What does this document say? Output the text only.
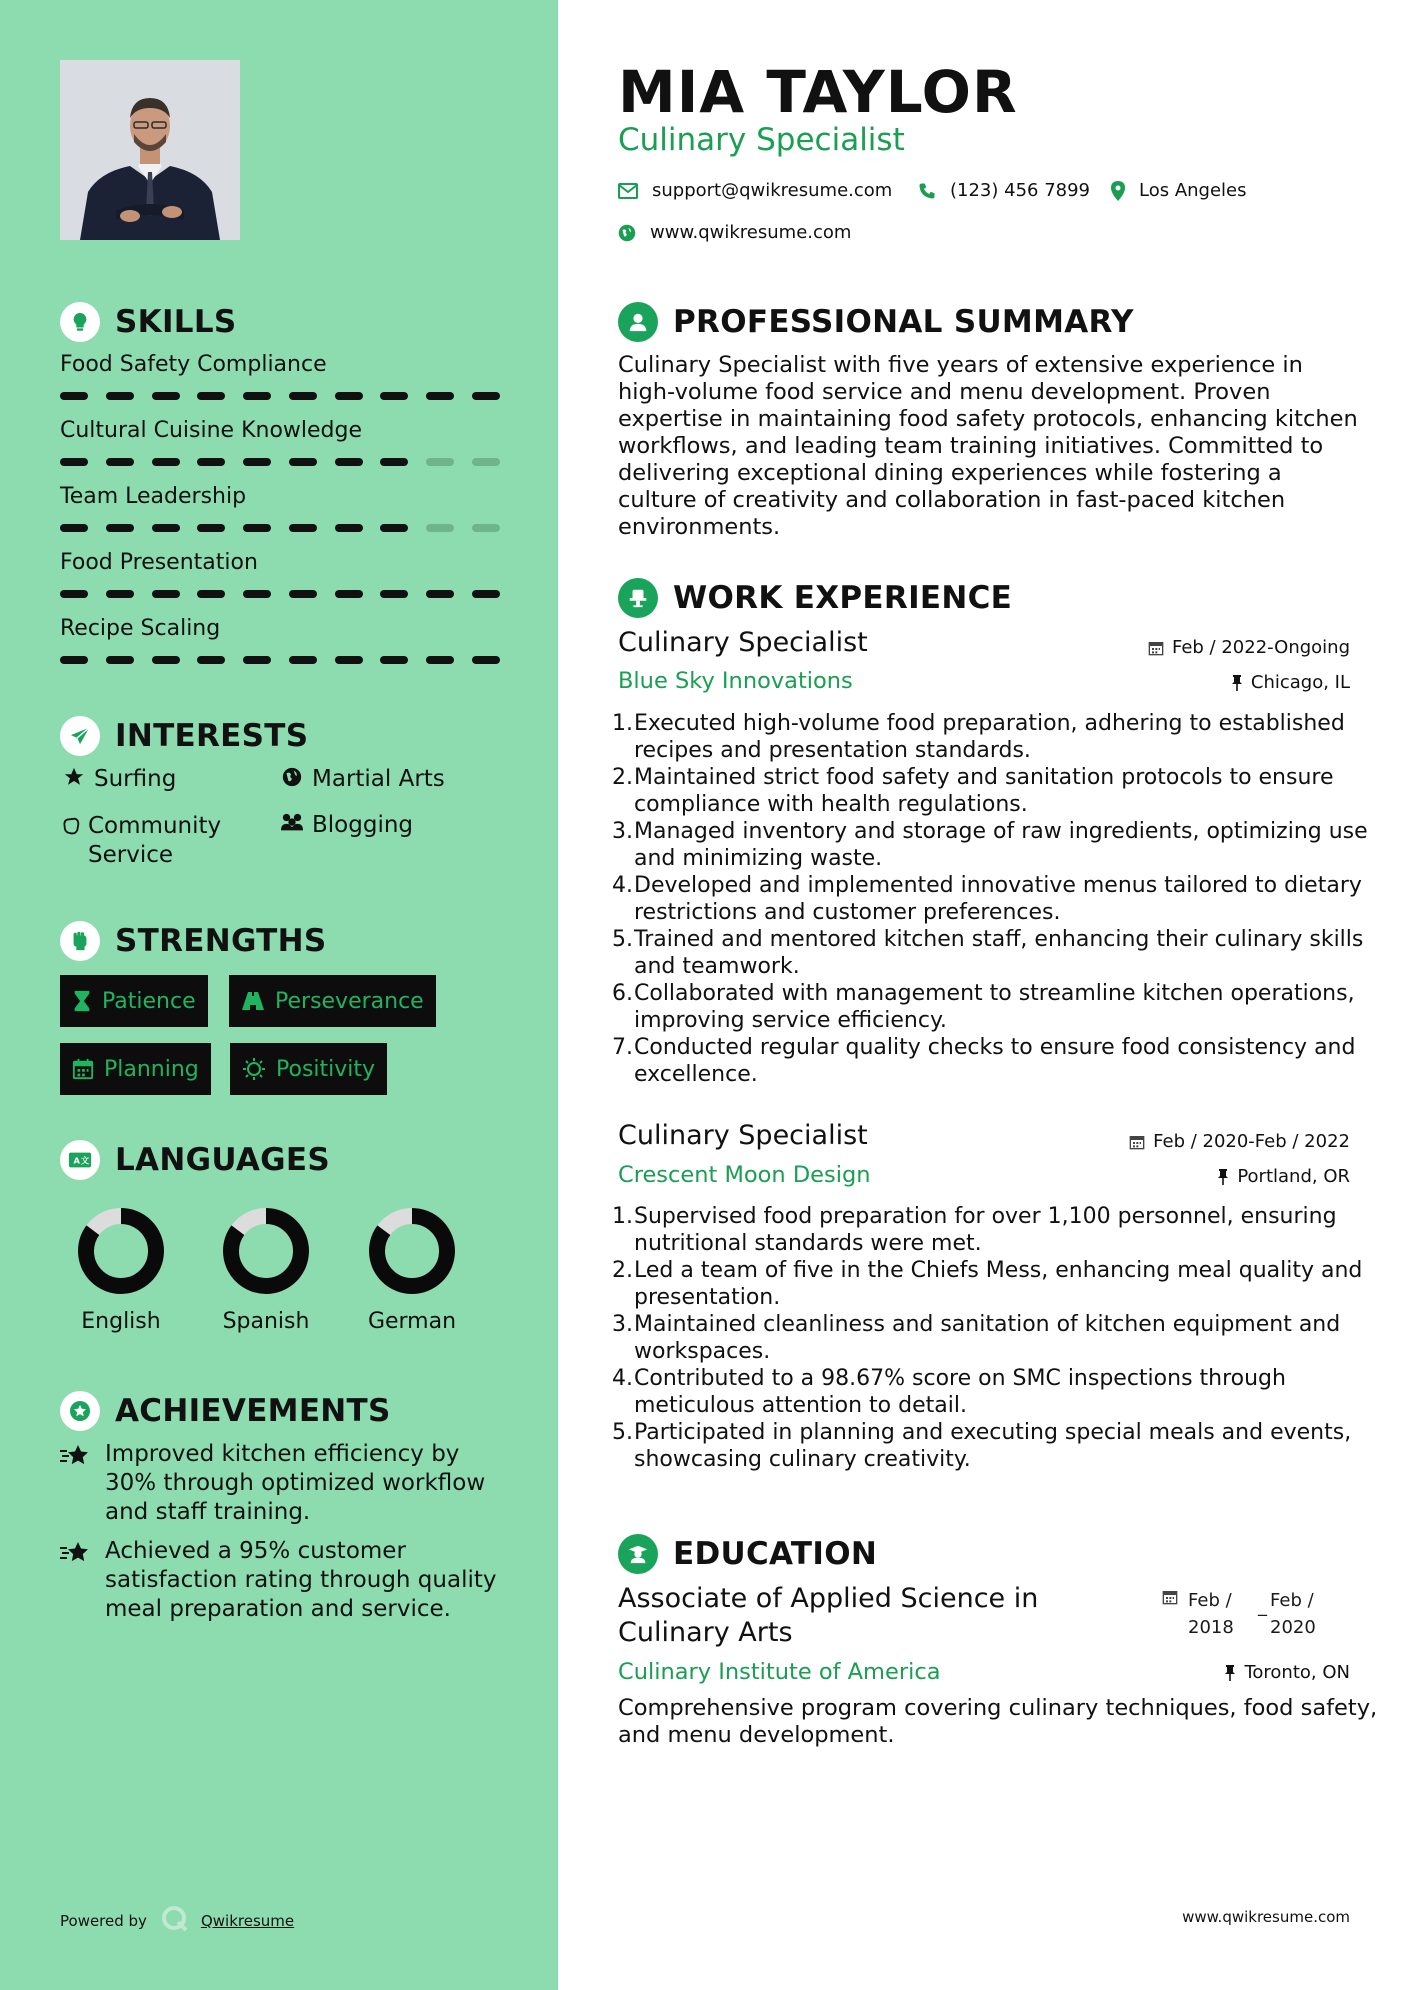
SKILLS
Food Safety Compliance
Cultural Cuisine Knowledge
Team Leadership
Food Presentation
Recipe Scaling
INTERESTS
Surfing	Martial Arts
Community Service
Blogging
STRENGTHS
Patience	Perseverance
Planning	Positivity
A 文 LANGUAGES
English	Spanish	German
ACHIEVEMENTS
Improved kitchen efficiency by 30% through optimized workflow and staff training.
Achieved a 95% customer satisfaction rating through quality meal preparation and service.
Powered by	Qwikresume
MIA TAYLOR
Culinary Specialist
support@qwikresume.com	(123) 456 7899	Los Angeles
www.qwikresume.com
PROFESSIONAL SUMMARY
Culinary Specialist with five years of extensive experience in high-volume food service and menu development. Proven expertise in maintaining food safety protocols, enhancing kitchen workflows, and leading team training initiatives. Committed to delivering exceptional dining experiences while fostering a culture of creativity and collaboration in fast-paced kitchen environments.
WORK EXPERIENCE
Culinary Specialist	Feb / 2022-Ongoing
Blue Sky Innovations	Chicago, IL
1. Executed high-volume food preparation, adhering to established recipes and presentation standards.
2. Maintained strict food safety and sanitation protocols to ensure compliance with health regulations.
3. Managed inventory and storage of raw ingredients, optimizing use and minimizing waste.
4. Developed and implemented innovative menus tailored to dietary restrictions and customer preferences.
5. Trained and mentored kitchen staff, enhancing their culinary skills and teamwork.
6. Collaborated with management to streamline kitchen operations, improving service efficiency.
7. Conducted regular quality checks to ensure food consistency and excellence.
Culinary Specialist	Feb / 2020-Feb / 2022
Crescent Moon Design	Portland, OR
1. Supervised food preparation for over 1,100 personnel, ensuring nutritional standards were met.
2. Led a team of five in the Chiefs Mess, enhancing meal quality and presentation.
3. Maintained cleanliness and sanitation of kitchen equipment and workspaces.
4. Contributed to a 98.67% score on SMC inspections through meticulous attention to detail.
5. Participated in planning and executing special meals and events, showcasing culinary creativity.
EDUCATION
Associate of Applied Science in Culinary Arts
Feb /
2018
_ Feb /
2020
Culinary Institute of America	Toronto, ON
Comprehensive program covering culinary techniques, food safety, and menu development.
www.qwikresume.com
